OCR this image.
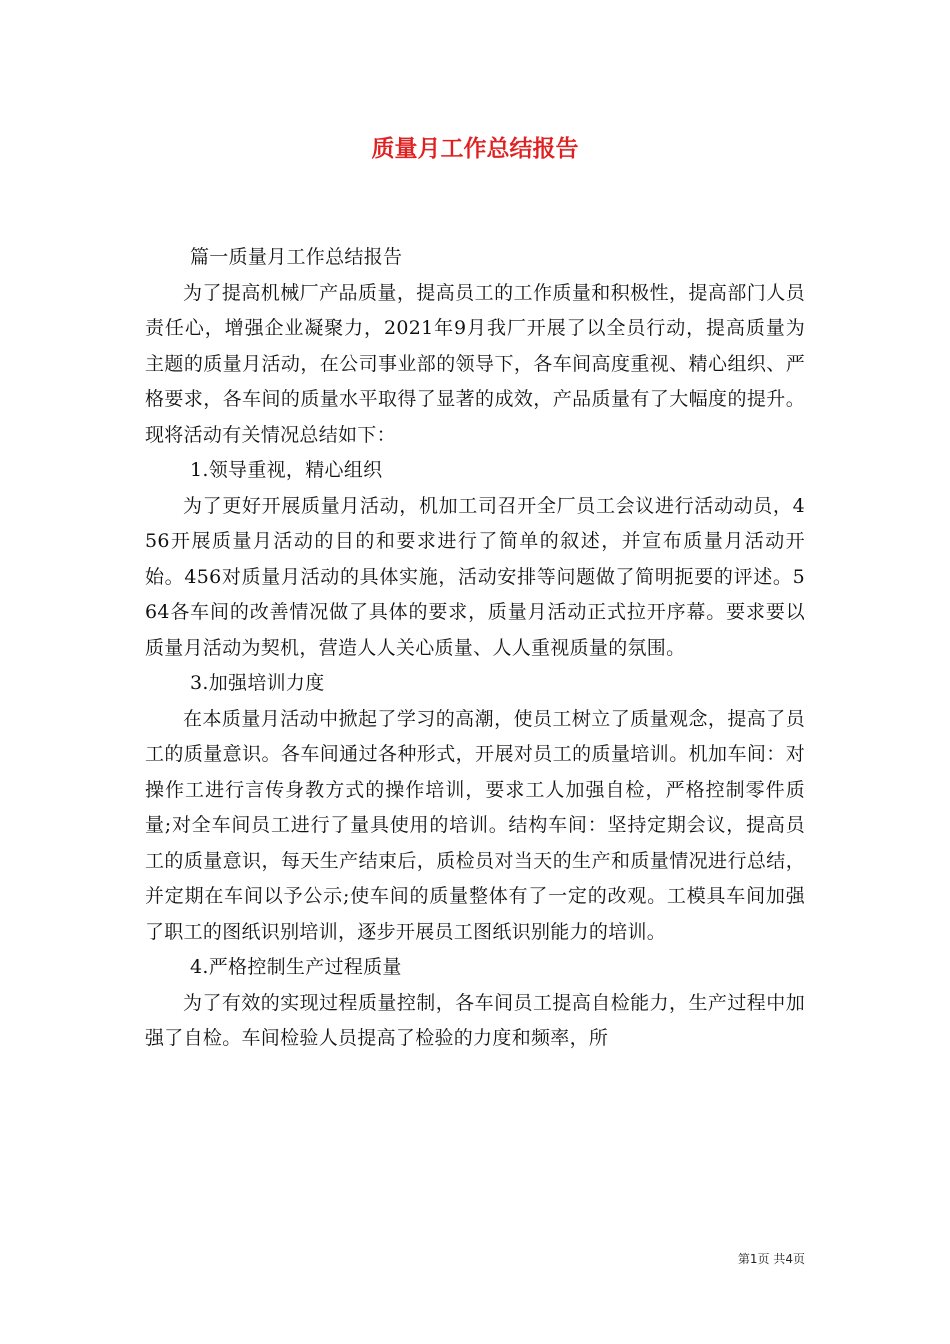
质量月工作总结报告

篇一质量月工作总结报告

为了提高机械厂产品质量，提高员工的工作质量和积极性，提高部门人员责任心，增强企业凝聚力，2021年9月我厂开展了以全员行动，提高质量为主题的质量月活动，在公司事业部的领导下，各车间高度重视、精心组织、严格要求，各车间的质量水平取得了显著的成效，产品质量有了大幅度的提升。现将活动有关情况总结如下：

1.领导重视，精心组织

为了更好开展质量月活动，机加工司召开全厂员工会议进行活动动员，456开展质量月活动的目的和要求进行了简单的叙述，并宣布质量月活动开始。456对质量月活动的具体实施，活动安排等问题做了简明扼要的评述。564各车间的改善情况做了具体的要求，质量月活动正式拉开序幕。要求要以质量月活动为契机，营造人人关心质量、人人重视质量的氛围。

3.加强培训力度

在本质量月活动中掀起了学习的高潮，使员工树立了质量观念，提高了员工的质量意识。各车间通过各种形式，开展对员工的质量培训。机加车间：对操作工进行言传身教方式的操作培训，要求工人加强自检，严格控制零件质量;对全车间员工进行了量具使用的培训。结构车间：坚持定期会议，提高员工的质量意识，每天生产结束后，质检员对当天的生产和质量情况进行总结，并定期在车间以予公示;使车间的质量整体有了一定的改观。工模具车间加强了职工的图纸识别培训，逐步开展员工图纸识别能力的培训。

4.严格控制生产过程质量

为了有效的实现过程质量控制，各车间员工提高自检能力，生产过程中加强了自检。车间检验人员提高了检验的力度和频率，所

第1页 共4页
